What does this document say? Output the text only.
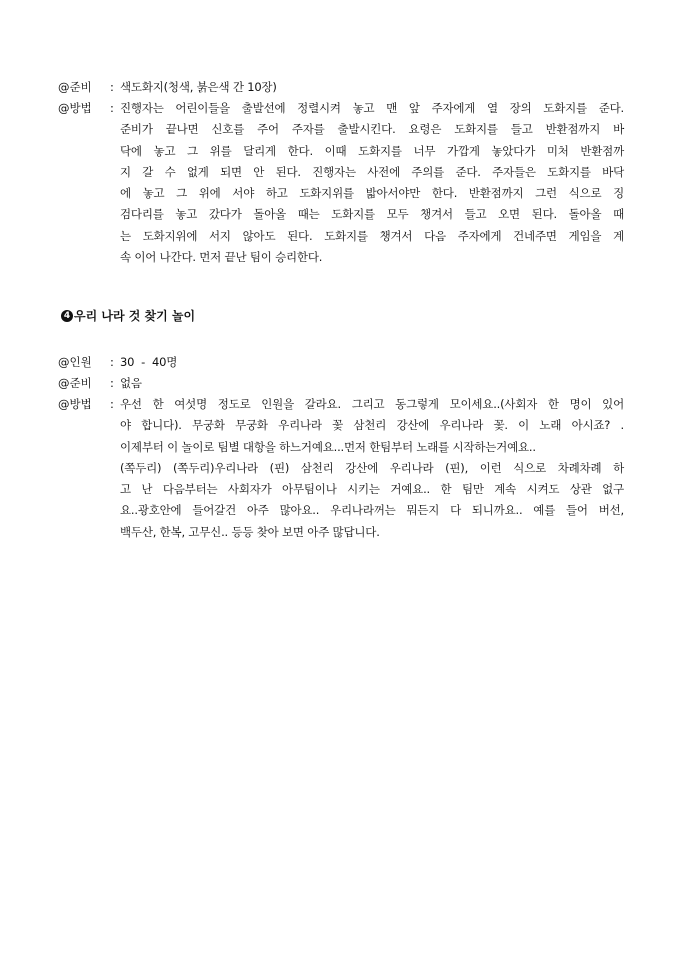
@준비	: 색도화지(청색, 붉은색 간 10장)
@방법	: 진행자는 어린이들을 출발선에 정렬시켜 놓고 맨 앞 주자에게 열 장의 도화지를 준다.
준비가 끝나면 신호를 주어 주자를 출발시킨다. 요령은 도화지를 들고 반환점까지 바
닥에 놓고 그 위를 달리게 한다. 이때 도화지를 너무 가깝게 놓았다가 미처 반환점까
지 갈 수 없게 되면 안 된다. 진행자는 사전에 주의를 준다. 주자들은 도화지를 바닥
에 놓고 그 위에 서야 하고 도화지위를 밟아서야만 한다. 반환점까지 그런 식으로 징
검다리를 놓고 갔다가 돌아올 때는 도화지를 모두 챙겨서 들고 오면 된다. 돌아올 때
는 도화지위에 서지 않아도 된다. 도화지를 챙겨서 다음 주자에게 건네주면 게임을 계
속 이어 나간다. 먼저 끝난 팀이 승리한다.
4 우리 나라 것 찾기 놀이
@인원	: 30  -  40명
@준비	: 없음
@방법	: 우선 한 여섯명 정도로 인원을 갈라요. 그리고 동그렇게 모이세요..(사회자 한 명이 있어
야 합니다). 무궁화 무궁화 우리나라 꽃 삼천리 강산에 우리나라 꽃. 이 노래 아시죠? .
이제부터 이 놀이로 팀별 대항을 하느거예요...먼저 한팀부터 노래를 시작하는거예요..
(쪽두리) (쪽두리)우리나라 (핀) 삼천리 강산에 우리나라 (핀), 이런 식으로 차례차례 하
고 난 다음부터는 사회자가 아무팀이나 시키는 거예요.. 한 팀만 계속 시켜도 상관 없구
요..광호안에 들어갈건 아주 많아요.. 우리나라꺼는 뭐든지 다 되니까요.. 예를 들어 버선,
백두산, 한복, 고무신.. 등등 찾아 보면 아주 많답니다.
